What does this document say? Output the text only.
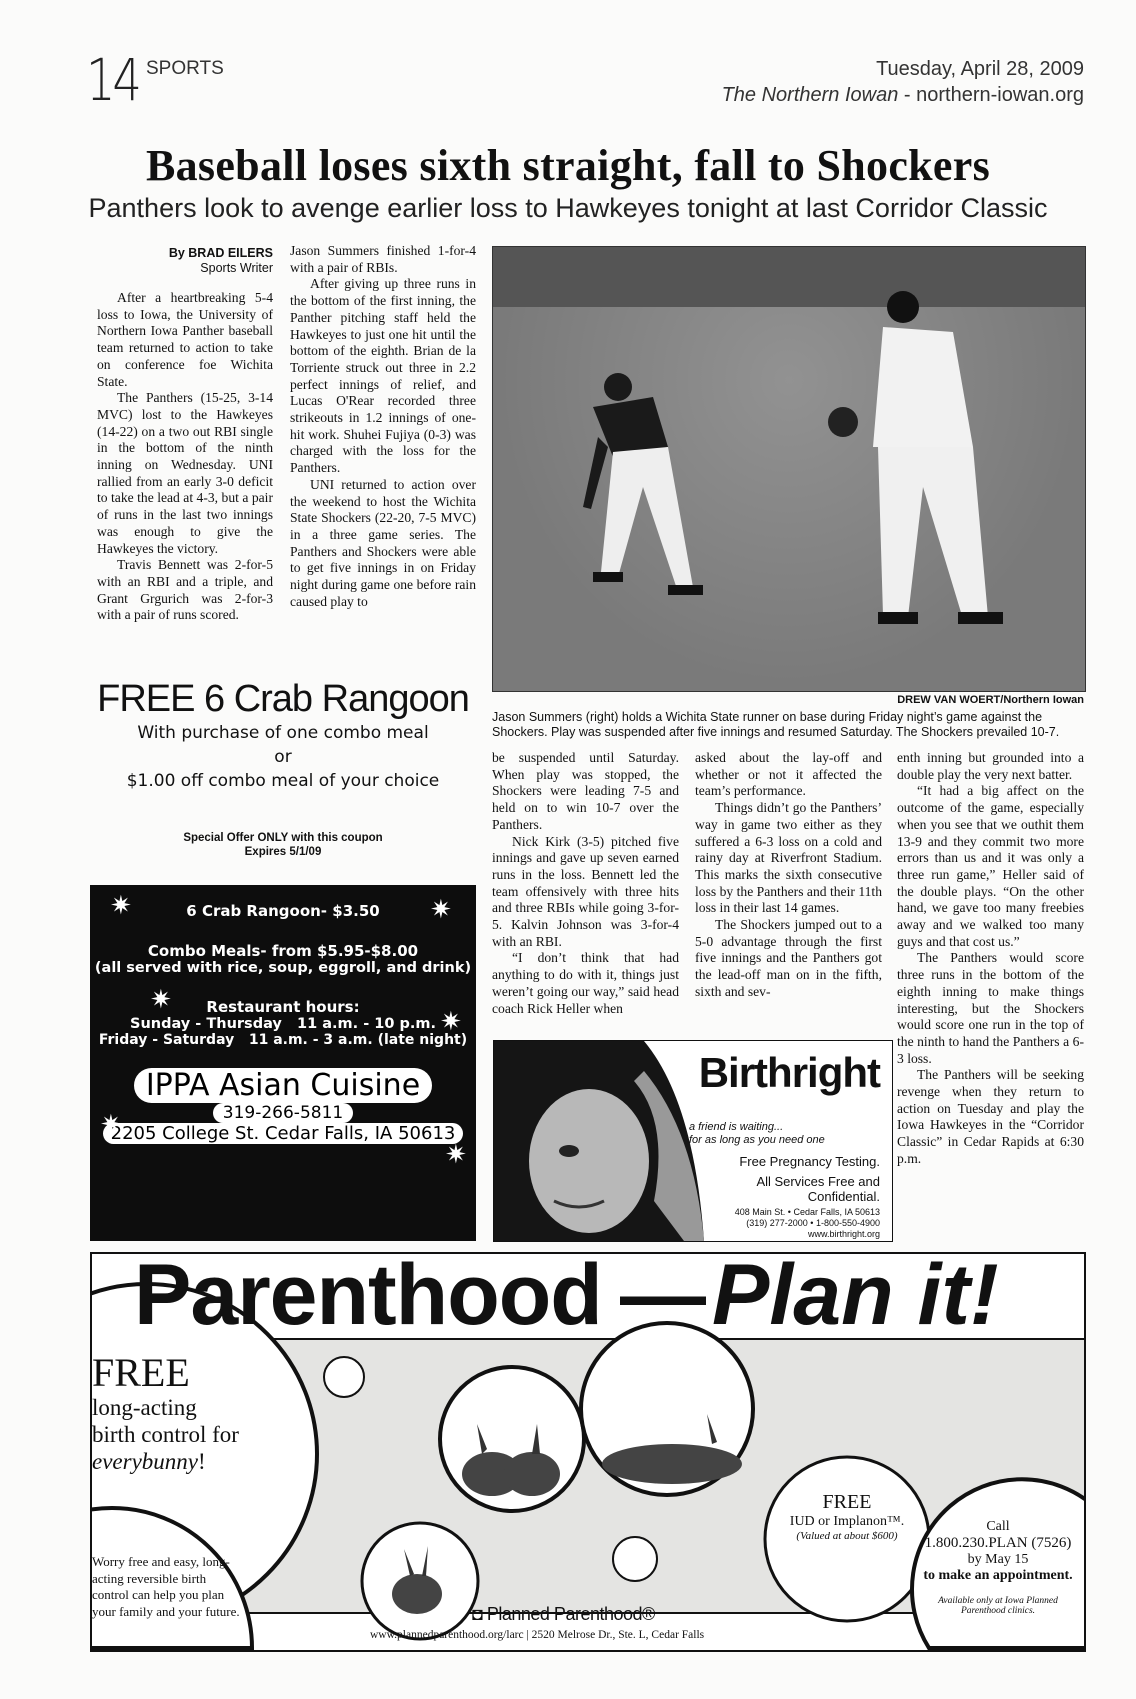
14 SPORTS	Tuesday, April 28, 2009
The Northern Iowan - northern-iowan.org
Baseball loses sixth straight, fall to Shockers
Panthers look to avenge earlier loss to Hawkeyes tonight at last Corridor Classic
By BRAD EILERS
Sports Writer

After a heartbreaking 5-4 loss to Iowa, the University of Northern Iowa Panther baseball team returned to action to take on conference foe Wichita State.

The Panthers (15-25, 3-14 MVC) lost to the Hawkeyes (14-22) on a two out RBI single in the bottom of the ninth inning on Wednesday. UNI rallied from an early 3-0 deficit to take the lead at 4-3, but a pair of runs in the last two innings was enough to give the Hawkeyes the victory.

Travis Bennett was 2-for-5 with an RBI and a triple, and Grant Grgurich was 2-for-3 with a pair of runs scored.

Jason Summers finished 1-for-4 with a pair of RBIs.

After giving up three runs in the bottom of the first inning, the Panther pitching staff held the Hawkeyes to just one hit until the bottom of the eighth. Brian de la Torriente struck out three in 2.2 perfect innings of relief, and Lucas O'Rear recorded three strikeouts in 1.2 innings of one-hit work. Shuhei Fujiya (0-3) was charged with the loss for the Panthers.

UNI returned to action over the weekend to host the Wichita State Shockers (22-20, 7-5 MVC) in a three game series. The Panthers and Shockers were able to get five innings in on Friday night during game one before rain caused play to

DREW VAN WOERT/Northern Iowan
Jason Summers (right) holds a Wichita State runner on base during Friday night’s game against the Shockers. Play was suspended after five innings and resumed Saturday. The Shockers prevailed 10-7.

be suspended until Saturday. When play was stopped, the Shockers were leading 7-5 and held on to win 10-7 over the Panthers.

Nick Kirk (3-5) pitched five innings and gave up seven earned runs in the loss. Bennett led the team offensively with three hits and three RBIs while going 3-for-5. Kalvin Johnson was 3-for-4 with an RBI.

“I don’t think that had anything to do with it, things just weren’t going our way,” said head coach Rick Heller when

asked about the lay-off and whether or not it affected the team’s performance.

Things didn’t go the Panthers’ way in game two either as they suffered a 6-3 loss on a cold and rainy day at Riverfront Stadium. This marks the sixth consecutive loss by the Panthers and their 11th loss in their last 14 games.

The Shockers jumped out to a 5-0 advantage through the first five innings and the Panthers got the lead-off man on in the fifth, sixth and sev-

enth inning but grounded into a double play the very next batter.

“It had a big affect on the outcome of the game, especially when you see that we outhit them 13-9 and they commit two more errors than us and it was only a three run game,” Heller said of the double plays. “On the other hand, we gave too many freebies away and we walked too many guys and that cost us.”

The Panthers would score three runs in the bottom of the eighth inning to make things interesting, but the Shockers would score one run in the top of the ninth to hand the Panthers a 6-3 loss.

The Panthers will be seeking revenge when they return to action on Tuesday and play the Iowa Hawkeyes in the “Corridor Classic” in Cedar Rapids at 6:30 p.m.

FREE 6 Crab Rangoon
With purchase of one combo meal
or
$1.00 off combo meal of your choice
Special Offer ONLY with this coupon
Expires 5/1/09
✷	✷
✷
✷
✷
✷
6 Crab Rangoon- $3.50
Combo Meals- from $5.95-$8.00
(all served with rice, soup, eggroll, and drink)
Restaurant hours:
Sunday - Thursday   11 a.m. - 10 p.m.
Friday - Saturday   11 a.m. - 3 a.m. (late night)
IPPA Asian Cuisine
319-266-5811
2205 College St. Cedar Falls, IA 50613
Birthright
a friend is waiting...
for as long as you need one
Free Pregnancy Testing.
All Services Free and Confidential.
408 Main St. • Cedar Falls, IA 50613
(319) 277-2000 • 1-800-550-4900
www.birthright.org
Parenthood — Plan it!
FREE
long-acting
birth control for
everybunny!
Worry free and easy, long-acting reversible birth control can help you plan your family and your future.
FREE
IUD or Implanon™.
(Valued at about $600)
Call
1.800.230.PLAN (7526)
by May 15
to make an appointment.
Available only at Iowa Planned Parenthood clinics.
◘ Planned Parenthood®
www.plannedparenthood.org/larc | 2520 Melrose Dr., Ste. L, Cedar Falls
